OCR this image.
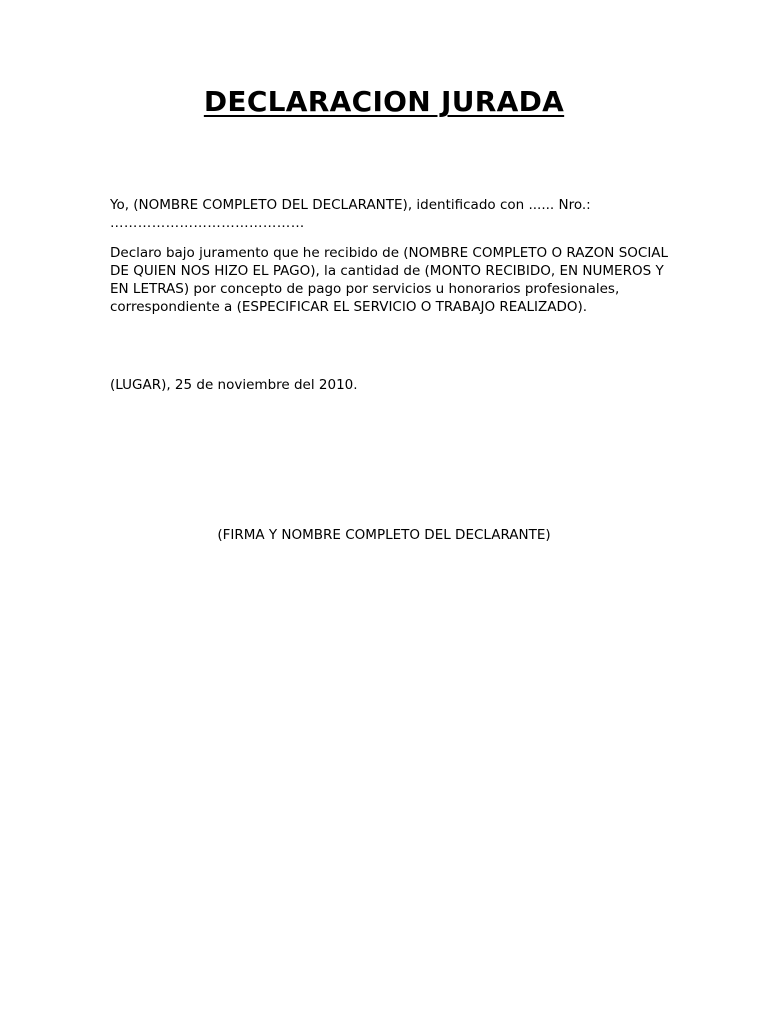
DECLARACION JURADA

Yo, (NOMBRE COMPLETO DEL DECLARANTE), identificado con ...... Nro.:
……………………………………

Declaro bajo juramento que he recibido de (NOMBRE COMPLETO O RAZON SOCIAL DE QUIEN NOS HIZO EL PAGO), la cantidad de (MONTO RECIBIDO, EN NUMEROS Y EN LETRAS) por concepto de pago por servicios u honorarios profesionales, correspondiente a (ESPECIFICAR EL SERVICIO O TRABAJO REALIZADO).

(LUGAR), 25 de noviembre del 2010.

(FIRMA Y NOMBRE COMPLETO DEL DECLARANTE)
